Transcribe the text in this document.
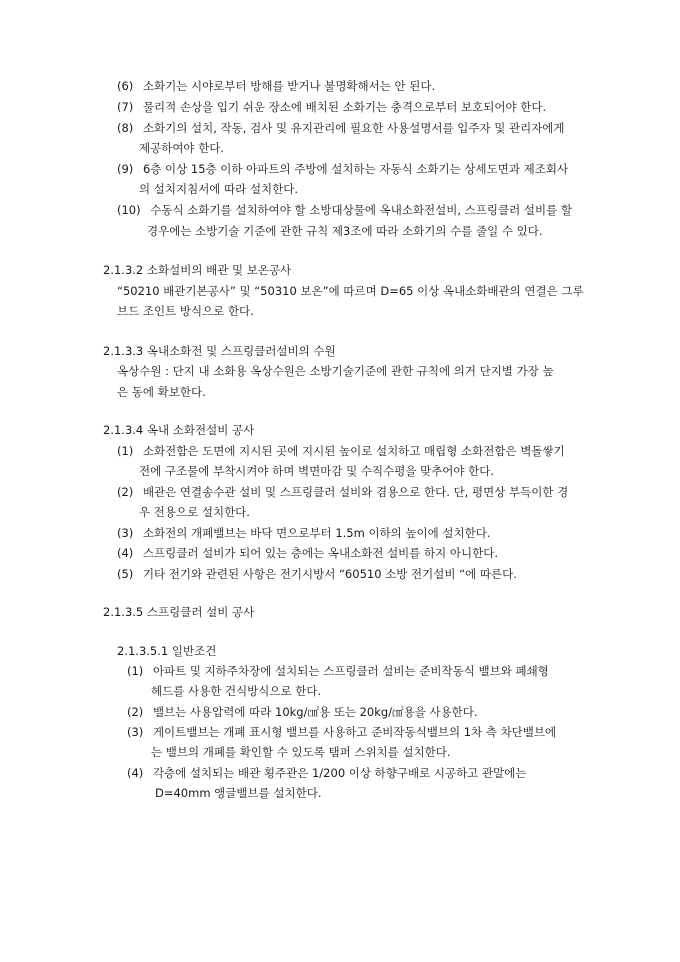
(6) 소화기는 시야로부터 방해를 받거나 불명확해서는 안 된다.
(7) 물리적 손상을 입기 쉬운 장소에 배치된 소화기는 충격으로부터 보호되어야 한다.
(8) 소화기의 설치, 작동, 검사 및 유지관리에 필요한 사용설명서를 입주자 및 관리자에게
제공하여야 한다.
(9) 6층 이상 15층 이하 아파트의 주방에 설치하는 자동식 소화기는 상세도면과 제조회사
의 설치지침서에 따라 설치한다.
(10) 수동식 소화기를 설치하여야 할 소방대상물에 옥내소화전설비, 스프링클러 설비를 할
경우에는 소방기술 기준에 관한 규칙 제3조에 따라 소화기의 수를 줄일 수 있다.
2.1.3.2 소화설비의 배관 및 보온공사
“50210 배관기본공사” 및 “50310 보온”에 따르며 D=65 이상 옥내소화배관의 연결은 그루
브드 조인트 방식으로 한다.
2.1.3.3 옥내소화전 및 스프링클러설비의 수원
옥상수원 : 단지 내 소화용 옥상수원은 소방기술기준에 관한 규칙에 의거 단지별 가장 높
은 동에 확보한다.
2.1.3.4 옥내 소화전설비 공사
(1) 소화전함은 도면에 지시된 곳에 지시된 높이로 설치하고 매립형 소화전함은 벽돌쌓기
전에 구조물에 부착시켜야 하며 벽면마감 및 수직수평을 맞추어야 한다.
(2) 배관은 연결송수관 설비 및 스프링클러 설비와 겸용으로 한다. 단, 평면상 부득이한 경
우 전용으로 설치한다.
(3) 소화전의 개폐밸브는 바닥 면으로부터 1.5m 이하의 높이에 설치한다.
(4) 스프링클러 설비가 되어 있는 층에는 옥내소화전 설비를 하지 아니한다.
(5) 기타 전기와 관련된 사항은 전기시방서 “60510 소방 전기설비 “에 따른다.
2.1.3.5 스프링클러 설비 공사
2.1.3.5.1 일반조건
(1) 아파트 및 지하주차장에 설치되는 스프링클러 설비는 준비작동식 밸브와 폐쇄형
헤드를 사용한 건식방식으로 한다.
(2) 밸브는 사용압력에 따라 10kg/㎠용 또는 20kg/㎠용을 사용한다.
(3) 게이트밸브는 개폐 표시형 밸브를 사용하고 준비작동식밸브의 1차 측 차단밸브에
는 밸브의 개폐를 확인할 수 있도록 탬퍼 스위치를 설치한다.
(4) 각층에 설치되는 배관 횡주관은 1/200 이상 하향구배로 시공하고 관말에는
D=40mm 앵글밸브를 설치한다.
